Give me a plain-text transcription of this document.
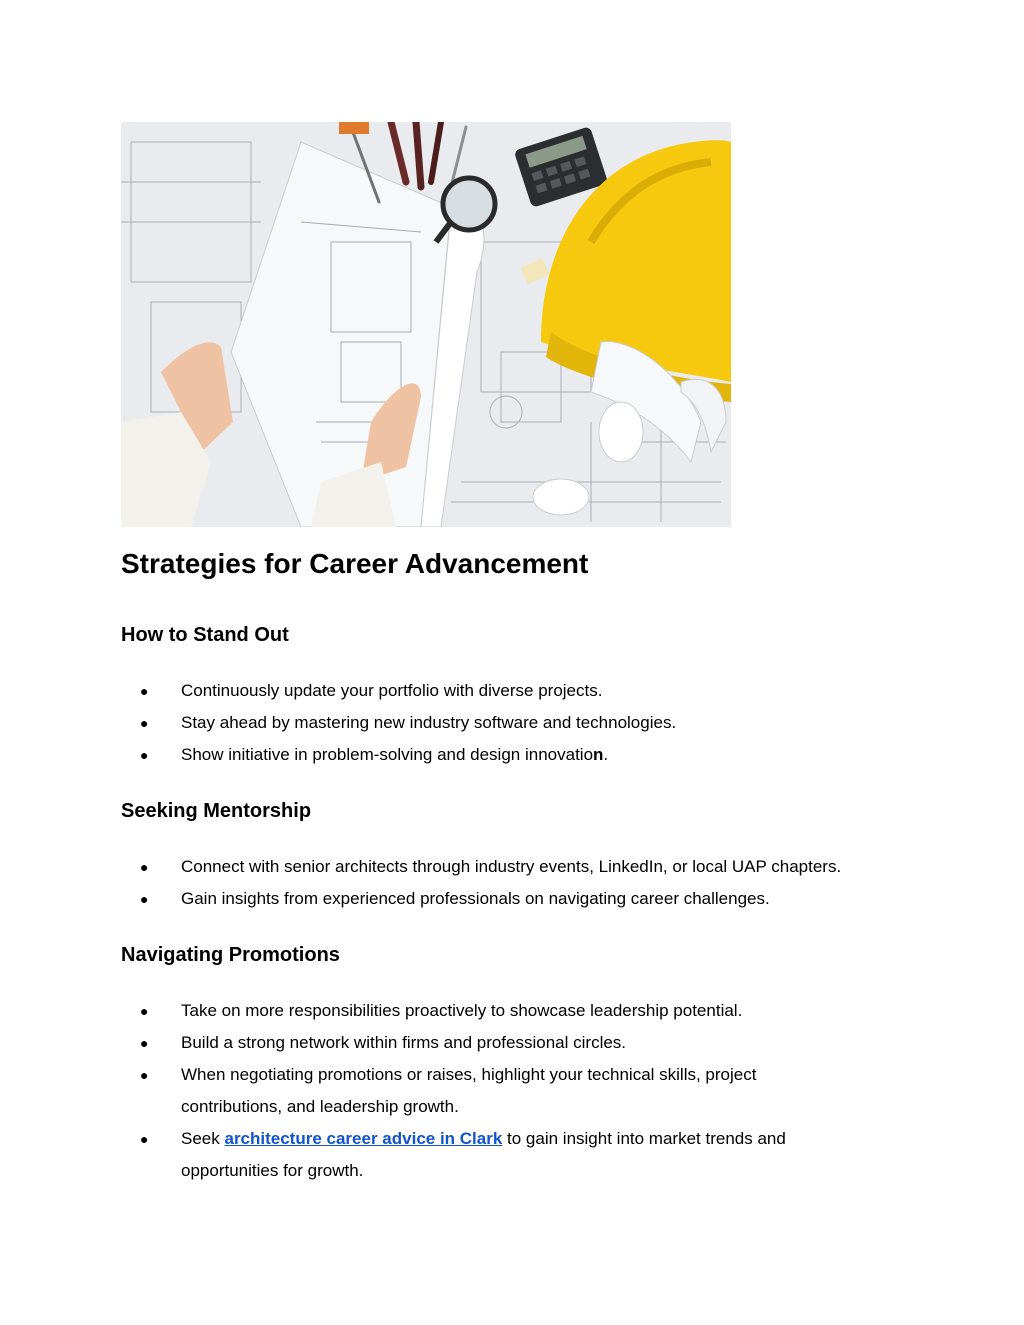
Strategies for Career Advancement
How to Stand Out
● Continuously update your portfolio with diverse projects.
● Stay ahead by mastering new industry software and technologies.
● Show initiative in problem-solving and design innovation.
Seeking Mentorship
● Connect with senior architects through industry events, LinkedIn, or local UAP chapters.
● Gain insights from experienced professionals on navigating career challenges.
Navigating Promotions
● Take on more responsibilities proactively to showcase leadership potential.
● Build a strong network within firms and professional circles.
● When negotiating promotions or raises, highlight your technical skills, project contributions, and leadership growth.
● Seek architecture career advice in Clark to gain insight into market trends and opportunities for growth.
